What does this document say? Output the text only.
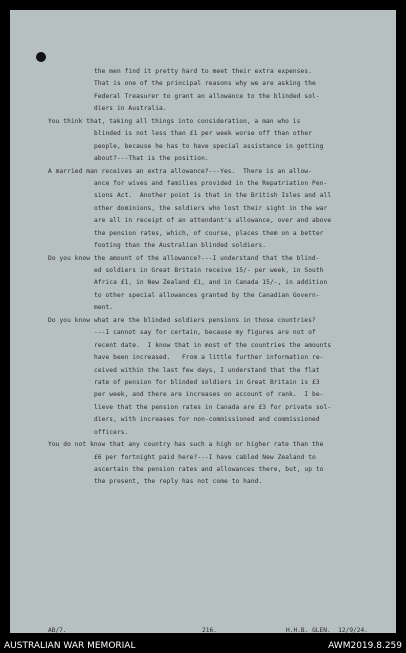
the men find it pretty hard to meet their extra expenses.
That is one of the principal reasons why we are asking the
Federal Treasurer to grant an allowance to the blinded sol-
diers in Australia.
You think that, taking all things into consideration, a man who is
blinded is not less than £1 per week worse off than other
people, because he has to have special assistance in getting
about?---That is the position.
A married man receives an extra allowance?---Yes.  There is an allow-
ance for wives and families provided in the Repatriation Pen-
sions Act.  Another point is that in the British Isles and all
other dominions, the soldiers who lost their sight in the war
are all in receipt of an attendant's allowance, over and above
the pension rates, which, of course, places them on a better
footing than the Australian blinded soldiers.
Do you know the amount of the allowance?---I understand that the blind-
ed soldiers in Great Britain receive 15/- per week, in South
Africa £1, in New Zealand £1, and in Canada 15/-, in addition
to other special allowances granted by the Canadian Govern-
ment.
Do you know what are the blinded soldiers pensions in those countries?
---I cannot say for certain, because my figures are not of
recent date.  I know that in most of the countries the amounts
have been increased.   From a little further information re-
ceived within the last few days, I understand that the flat
rate of pension for blinded soldiers in Great Britain is £3
per week, and there are increases on account of rank.  I be-
lieve that the pension rates in Canada are £3 for private sol-
diers, with increases for non-commissioned and commissioned
officers.
You do not know that any country has such a high or higher rate than the
£6 per fortnight paid here?---I have cabled New Zealand to
ascertain the pension rates and allowances there, but, up to
the present, the reply has not come to hand.
AB/7.	216.	H.H.B. GLEN.  12/9/24.
AUSTRALIAN WAR MEMORIAL	AWM2019.8.259
